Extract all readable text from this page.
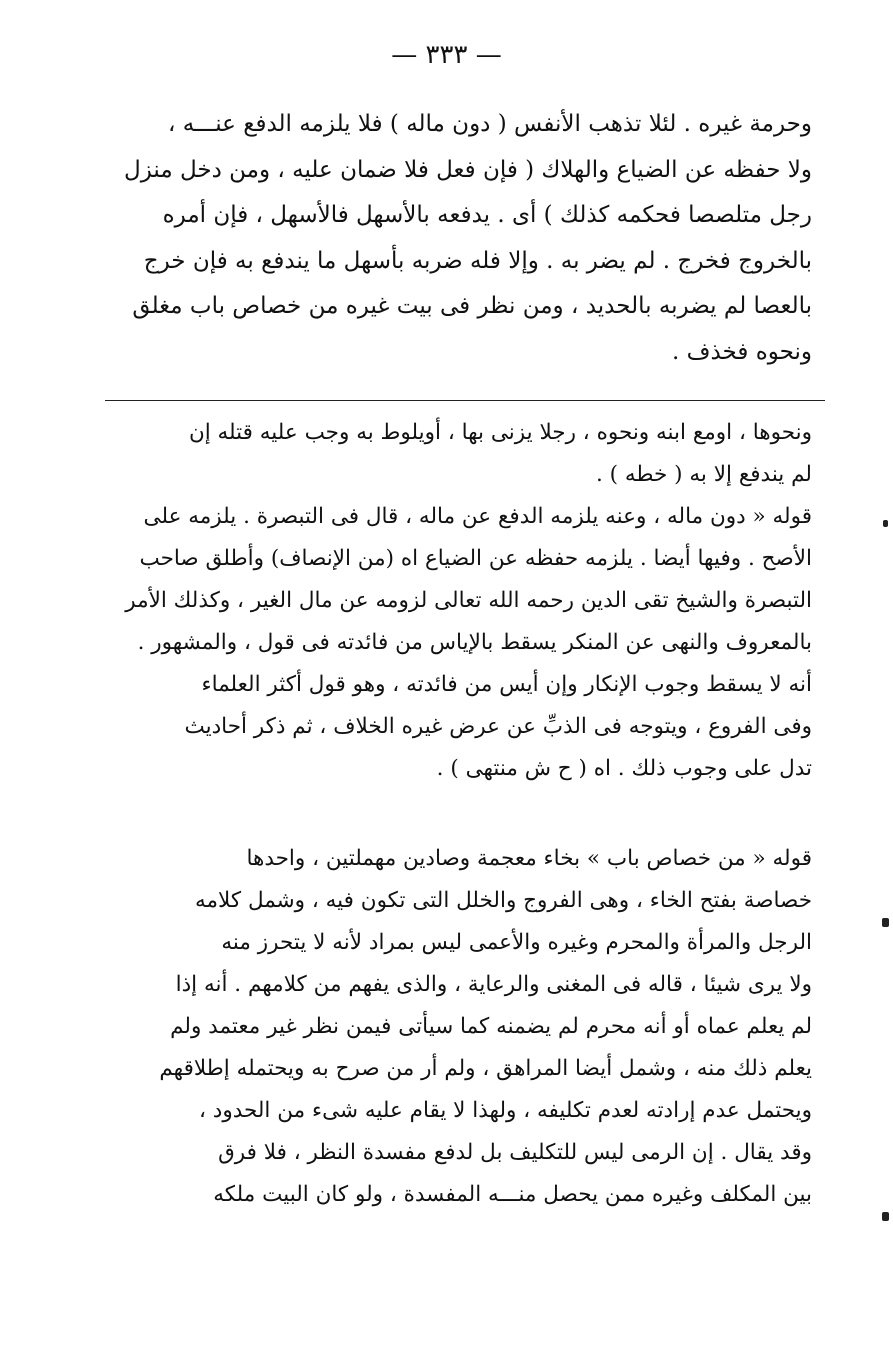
— ٣٣٣ —
وحرمة غيره . لئلا تذهب الأنفس ( دون ماله ) فلا يلزمه الدفع عنـــه ،
ولا حفظه عن الضياع والهلاك ( فإن فعل فلا ضمان عليه ، ومن دخل منزل
رجل متلصصا فحكمه كذلك ) أى . يدفعه بالأسهل فالأسهل ، فإن أمره
بالخروج فخرج . لم يضر به . وإلا فله ضربه بأسهل ما يندفع به فإن خرج
بالعصا لم يضربه بالحديد ، ومن نظر فى بيت غيره من خصاص باب مغلق
ونحوه فخذف .
ونحوها ، اومع ابنه ونحوه ، رجلا يزنى بها ، أويلوط به وجب عليه قتله إن
لم يندفع إلا به ( خطه ) .
قوله « دون ماله ، وعنه يلزمه الدفع عن ماله ، قال فى التبصرة . يلزمه على
الأصح . وفيها أيضا . يلزمه حفظه عن الضياع اه (من الإنصاف) وأطلق صاحب
التبصرة والشيخ تقى الدين رحمه الله تعالى لزومه عن مال الغير ، وكذلك الأمر
بالمعروف والنهى عن المنكر يسقط بالإياس من فائدته فى قول ، والمشهور .
أنه لا يسقط وجوب الإنكار وإن أيس من فائدته ، وهو قول أكثر العلماء
وفى الفروع ، ويتوجه فى الذبِّ عن عرض غيره الخلاف ، ثم ذكر أحاديث
تدل على وجوب ذلك . اه ( ح ش منتهى ) .
قوله « من خصاص باب » بخاء معجمة وصادين مهملتين ، واحدها
خصاصة بفتح الخاء ، وهى الفروج والخلل التى تكون فيه ، وشمل كلامه
الرجل والمرأة والمحرم وغيره والأعمى ليس بمراد لأنه لا يتحرز منه
ولا يرى شيئا ، قاله فى المغنى والرعاية ، والذى يفهم من كلامهم . أنه إذا
لم يعلم عماه أو أنه محرم لم يضمنه كما سيأتى فيمن نظر غير معتمد ولم
يعلم ذلك منه ، وشمل أيضا المراهق ، ولم أر من صرح به ويحتمله إطلاقهم
ويحتمل عدم إرادته لعدم تكليفه ، ولهذا لا يقام عليه شىء من الحدود ،
وقد يقال . إن الرمى ليس للتكليف بل لدفع مفسدة النظر ، فلا فرق
بين المكلف وغيره ممن يحصل منـــه المفسدة ، ولو كان البيت ملكه
